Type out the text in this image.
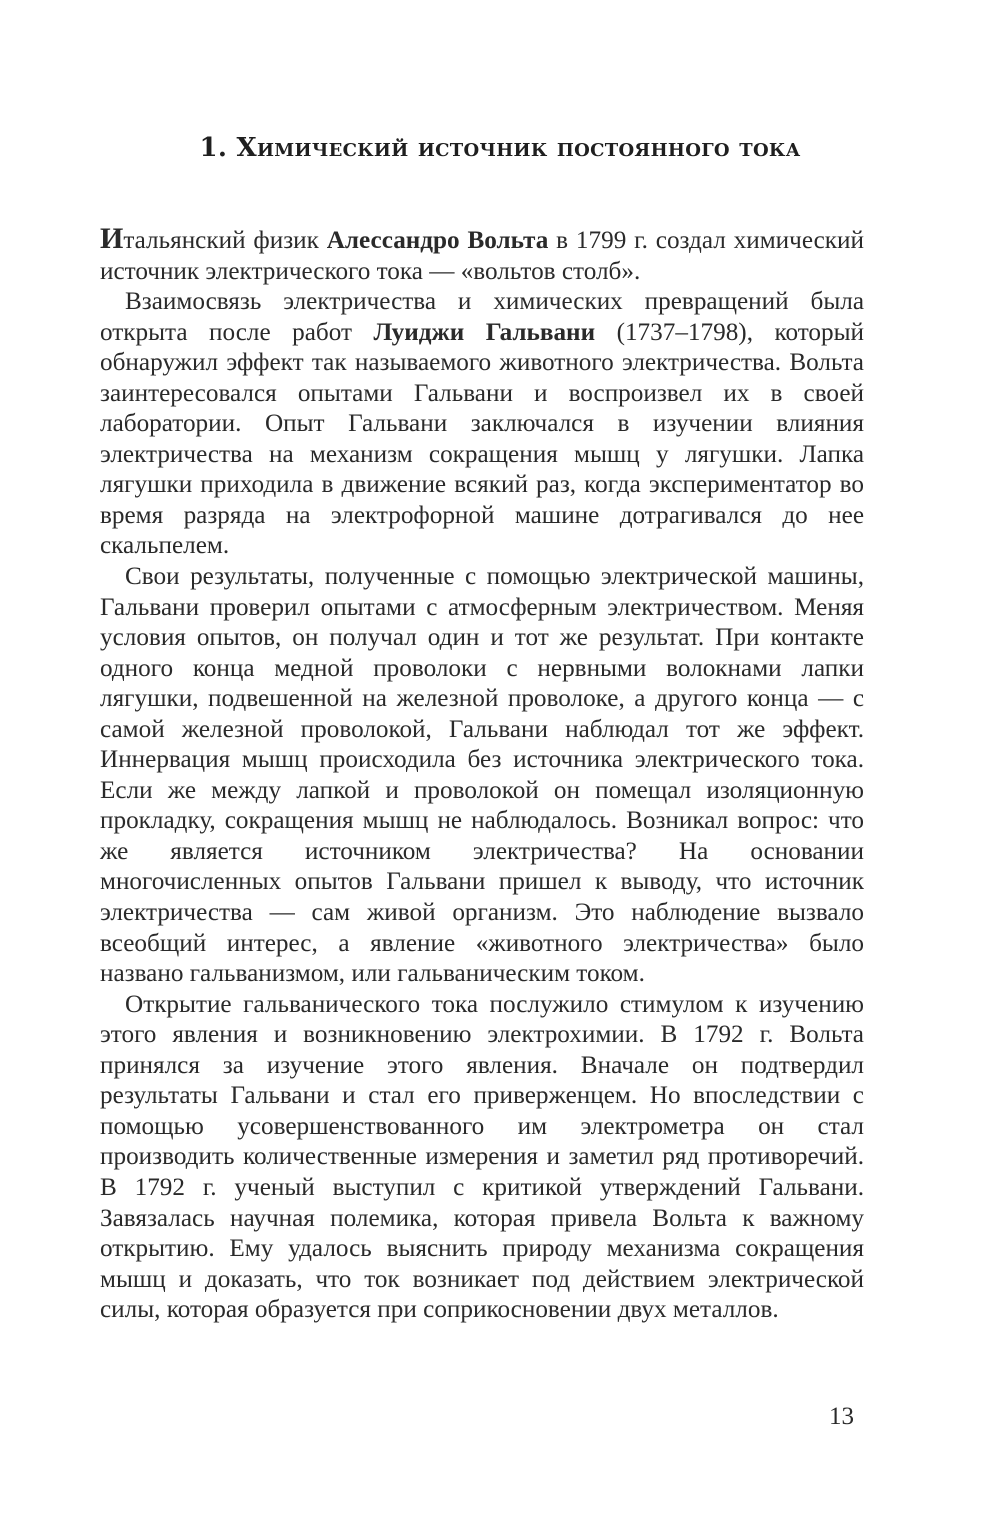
1. Химический источник постоянного тока

Итальянский физик Алессандро Вольта в 1799 г. создал химический источник электрического тока — «вольтов столб».

Взаимосвязь электричества и химических превращений была открыта после работ Луиджи Гальвани (1737–1798), который обнаружил эффект так называемого животного электричества. Вольта заинтересовался опытами Гальвани и воспроизвел их в своей лаборатории. Опыт Гальвани заключался в изучении влияния электричества на механизм сокращения мышц у лягушки. Лапка лягушки приходила в движение всякий раз, когда экспериментатор во время разряда на электрофорной машине дотрагивался до нее скальпелем.

Свои результаты, полученные с помощью электрической машины, Гальвани проверил опытами с атмосферным электричеством. Меняя условия опытов, он получал один и тот же результат. При контакте одного конца медной проволоки с нервными волокнами лапки лягушки, подвешенной на железной проволоке, а другого конца — с самой железной проволокой, Гальвани наблюдал тот же эффект. Иннервация мышц происходила без источника электрического тока. Если же между лапкой и проволокой он помещал изоляционную прокладку, сокращения мышц не наблюдалось. Возникал вопрос: что же является источником электричества? На основании многочисленных опытов Гальвани пришел к выводу, что источник электричества — сам живой организм. Это наблюдение вызвало всеобщий интерес, а явление «животного электричества» было названо гальванизмом, или гальваническим током.

Открытие гальванического тока послужило стимулом к изучению этого явления и возникновению электрохимии. В 1792 г. Вольта принялся за изучение этого явления. Вначале он подтвердил результаты Гальвани и стал его приверженцем. Но впоследствии с помощью усовершенствованного им электрометра он стал производить количественные измерения и заметил ряд противоречий. В 1792 г. ученый выступил с критикой утверждений Гальвани. Завязалась научная полемика, которая привела Вольта к важному открытию. Ему удалось выяснить природу механизма сокращения мышц и доказать, что ток возникает под действием электрической силы, которая образуется при соприкосновении двух металлов.

13
